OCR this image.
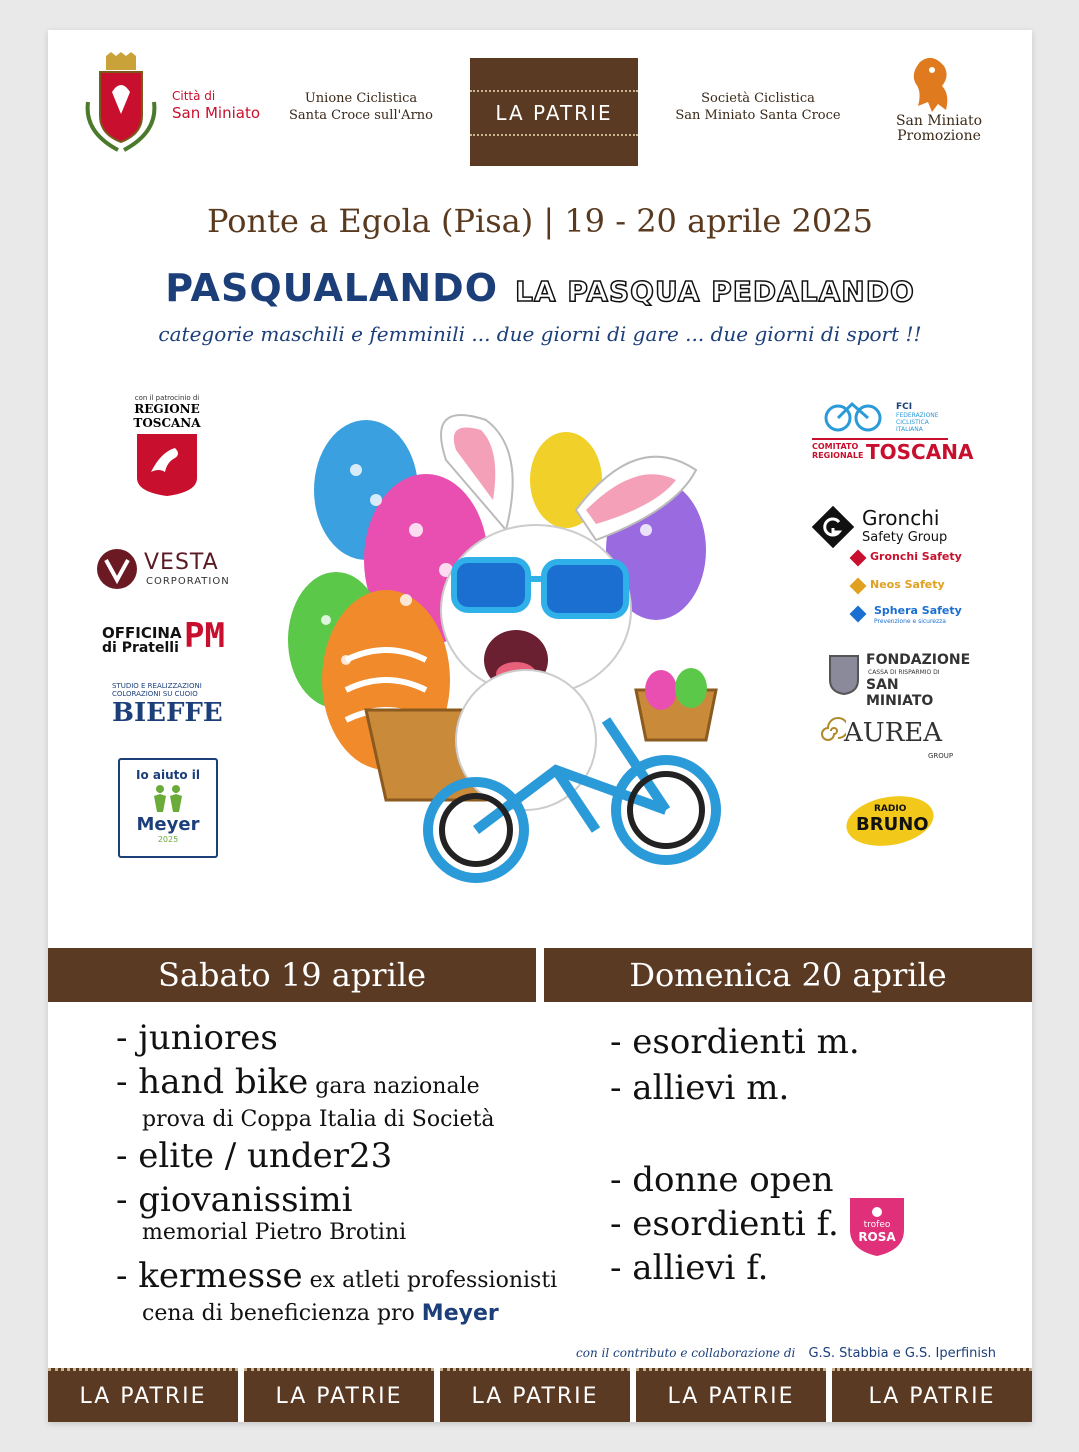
Città di
San Miniato
Unione Ciclistica
Santa Croce sull'Arno	LA PATRIE
Società Ciclistica
San Miniato Santa Croce	San Miniato
Promozione
Ponte a Egola (Pisa) | 19 - 20 aprile 2025
PASQUALANDO LA PASQUA PEDALANDO
categorie maschili e femminili ... due giorni di gare ... due giorni di sport !!
con il patrocinio di
REGIONE
TOSCANA
VESTA
CORPORATION
OFFICINA
di Pratelli PM
STUDIO E REALIZZAZIONI
COLORAZIONI SU CUOIO
BIEFFE
Io aiuto il
Meyer
2025
FCI
FEDERAZIONE
CICLISTICA
ITALIANA
COMITATO
REGIONALE TOSCANA
Gronchi
Safety Group
Gronchi Safety
Neos Safety
Sphera Safety
Prevenzione e sicurezza
FONDAZIONE
CASSA DI RISPARMIO DI
SAN MINIATO
AUREA
GROUP
RADIO
BRUNO
Sabato 19 aprile	Domenica 20 aprile
- juniores
- hand bike gara nazionale
prova di Coppa Italia di Società
- elite / under23
- giovanissimi
memorial Pietro Brotini
- kermesse ex atleti professionisti
cena di beneficienza pro Meyer
- esordienti m.
- allievi m.
- donne open
- esordienti f.
- allievi f.
trofeo
ROSA
con il contributo e collaborazione di G.S. Stabbia e G.S. Iperfinish
LA PATRIE	LA PATRIE	LA PATRIE	LA PATRIE	LA PATRIE
